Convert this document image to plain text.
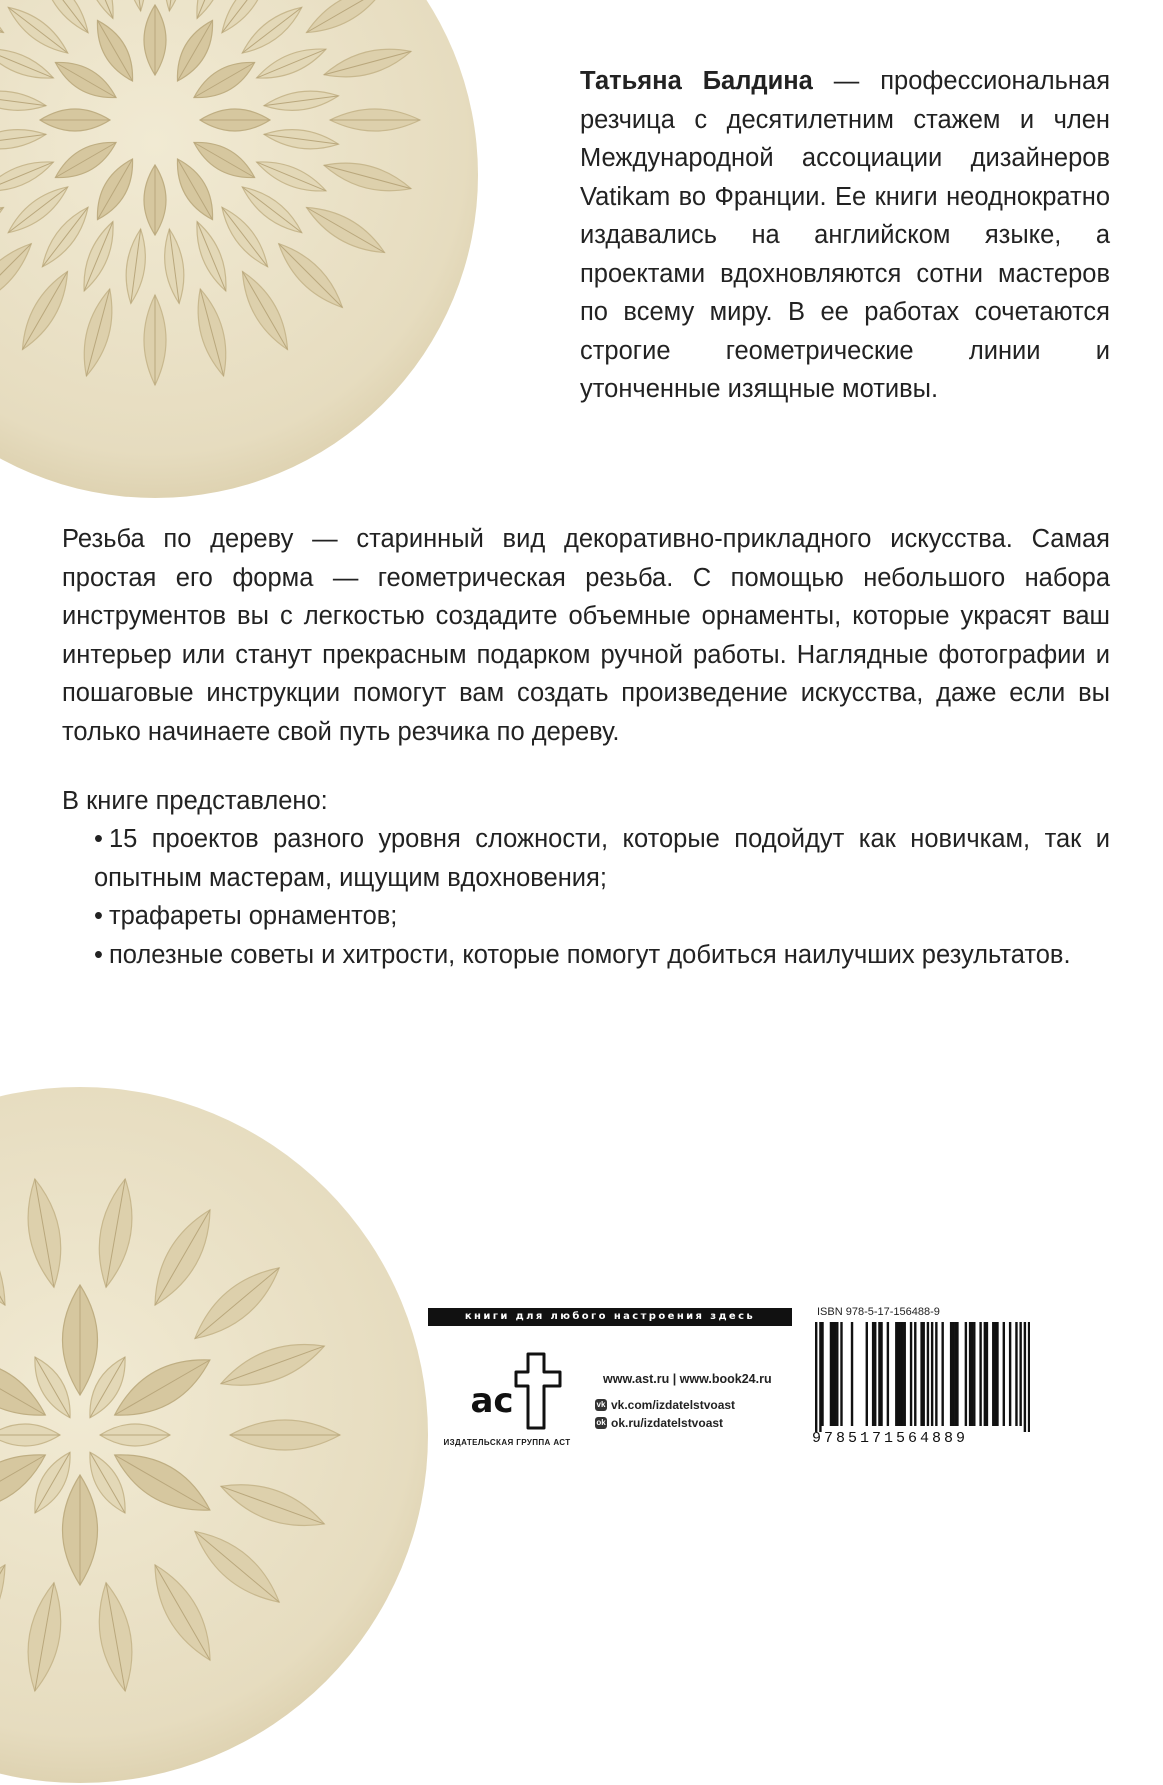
Татьяна Балдина — профессиональная резчица с десятилетним стажем и член Международной ассоциации дизайнеров Vatikam во Франции. Ее книги неоднократно издавались на английском языке, а проектами вдохновляются сотни мастеров по всему миру. В ее работах сочетаются строгие геометрические линии и утонченные изящные мотивы.

Резьба по дереву — старинный вид декоративно-прикладного искусства. Самая простая его форма — геометрическая резьба. С помощью небольшого набора инструментов вы с легкостью создадите объемные орнаменты, которые украсят ваш интерьер или станут прекрасным подарком ручной работы. Наглядные фотографии и пошаговые инструкции помогут вам создать произведение искусства, даже если вы только начинаете свой путь резчика по дереву.

В книге представлено:

• 15 проектов разного уровня сложности, которые подойдут как новичкам, так и опытным мастерам, ищущим вдохновения;
• трафареты орнаментов;
• полезные советы и хитрости, которые помогут добиться наилучших результатов.
книги для любого настроения здесь
ас
ИЗДАТЕЛЬСКАЯ ГРУППА АСТ
www.ast.ru | www.book24.ru
vk vk.com/izdatelstvoast
ok ok.ru/izdatelstvoast
ISBN 978-5-17-156488-9
9785171564889
